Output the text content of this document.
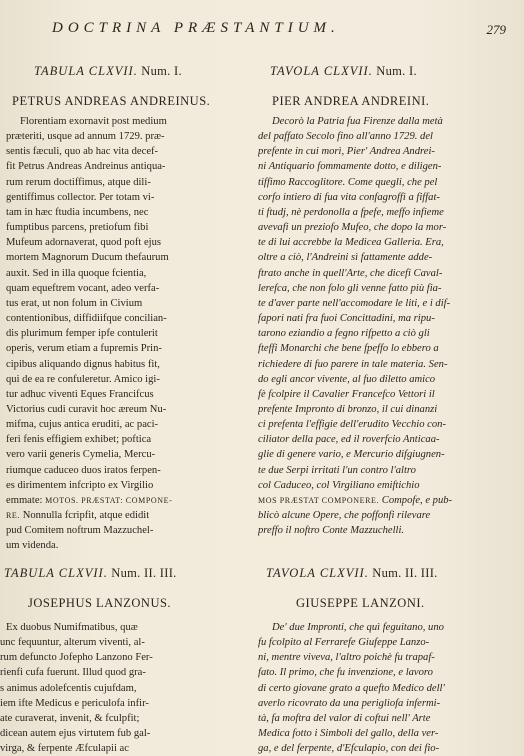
DOCTRINA PRÆSTANTIUM.	279
TABULA CLXVII. Num. I.
PETRUS ANDREAS ANDREINUS.

Florentiam exornavit post medium

præteriti, usque ad annum 1729. præ-

sentis fæculi, quo ab hac vita decef-

fit Petrus Andreas Andreinus antiqua-

rum rerum doctiffimus, atque dili-

gentiffimus collector. Per totam vi-

tam in hæc ftudia incumbens, nec

fumptibus parcens, pretiofum fibi

Mufeum adornaverat, quod poft ejus

mortem Magnorum Ducum thefaurum

auxit. Sed in illa quoque fcientia,

quam equeftrem vocant, adeo verfa-

tus erat, ut non folum in Civium

contentionibus, diffidiifque concilian-

dis plurimum femper ipfe contulerit

operis, verum etiam a fupremis Prin-

cipibus aliquando dignus habitus fit,

qui de ea re confuleretur. Amico igi-

tur adhuc viventi Eques Francifcus

Victorius cudi curavit hoc æreum Nu-

mifma, cujus antica eruditi, ac paci-

feri fenis effigiem exhibet; poftica

vero varii generis Cymelia, Mercu-

riumque caduceo duos iratos ferpen-

es dirimentem infcripto ex Virgilio

emmate: MOTOS. PRÆSTAT: COMPONE-

RE. Nonnulla fcripfit, atque edidit

pud Comitem noftrum Mazzuchel-

um videnda.

TAVOLA CLXVII. Num. I.
PIER ANDREA ANDREINI.

Decorò la Patria fua Firenze dalla metà

del paffato Secolo fino all'anno 1729. del

prefente in cui morì, Pier' Andrea Andrei-

ni Antiquario fommamente dotto, e diligen-

tiffimo Raccoglitore. Come quegli, che pel

corfo intiero di fua vita confagroffi a fiffat-

ti ftudj, nè perdonolla a fpefe, meffo infieme

avevafi un preziofo Mufeo, che dopo la mor-

te di lui accrebbe la Medicea Galleria. Era,

oltre a ciò, l'Andreini sì fattamente adde-

ftrato anche in quell'Arte, che dicefi Caval-

lerefca, che non folo gli venne fatto più fia-

te d'aver parte nell'accomodare le liti, e i dif-

fapori nati fra fuoi Concittadini, ma ripu-

tarono eziandio a fegno rifpetto a ciò gli

fteffi Monarchi che bene fpeffo lo ebbero a

richiedere di fuo parere in tale materia. Sen-

do egli ancor vivente, al fuo diletto amico

fè fcolpire il Cavalier Francefco Vettori il

prefente Impronto di bronzo, il cui dinanzi

ci prefenta l'effigie dell'erudito Vecchio con-

ciliator della pace, ed il roverfcio Anticaa-

glie di genere vario, e Mercurio difgiugnen-

te due Serpi irritati l'un contro l'altro

col Caduceo, col Virgiliano emiftichio

MOS PRÆSTAT COMPONERE. Compofe, e pub-

blicò alcune Opere, che poffonfi rilevare

preffo il noftro Conte Mazzuchelli.

TABULA CLXVII. Num. II. III.
JOSEPHUS LANZONUS.

Ex duobus Numifmatibus, quæ

unc fequuntur, alterum viventi, al-

rum defuncto Jofepho Lanzono Fer-

rienfi cufa fuerunt. Illud quod gra-

s animus adolefcentis cujufdam,

iem ifte Medicus e periculofa infir-

ate curaverat, invenit, & fculpfit;

dicean autem ejus virtutem fub gal-

virga, & ferpente Æfculapii ac

TAVOLA CLXVII. Num. II. III.
GIUSEPPE LANZONI.

De' due Impronti, che quì feguitano, uno

fu fcolpito al Ferrarefe Giufeppe Lanzo-

ni, mentre viveva, l'altro poichè fu trapaf-

fato. Il primo, che fu invenzione, e lavoro

di certo giovane grato a quefto Medico dell'

averlo ricovrato da una perigliofa infermi-

tà, fa moftra del valor di coftui nell' Arte

Medica fotto i Simboli del gallo, della ver-

ga, e del ferpente, d'Efculapio, con dei fio-
